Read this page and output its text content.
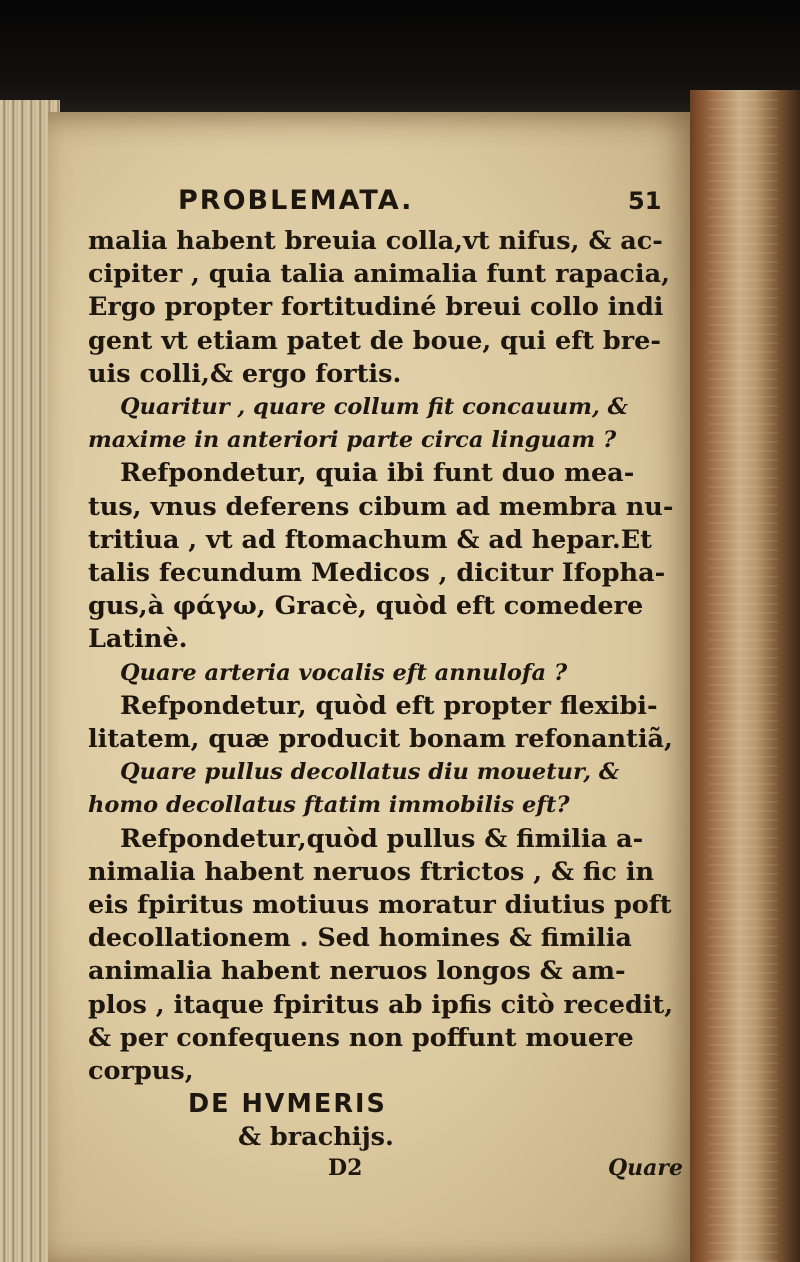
PROBLEMATA.	51
malia habent breuia colla,vt nifus, & ac-
cipiter , quia talia animalia funt rapacia,
Ergo propter fortitudiné breui collo indi
gent vt etiam patet de boue, qui eft bre-
uis colli,& ergo fortis.
Quaritur , quare collum fit concauum, &
maxime in anteriori parte circa linguam ?
Refpondetur, quia ibi funt duo mea-
tus, vnus deferens cibum ad membra nu-
tritiua , vt ad ftomachum & ad hepar.Et
talis fecundum Medicos , dicitur Ifopha-
gus,à φάγω, Gracè, quòd eft comedere
Latinè.
Quare arteria vocalis eft annulofa ?
Refpondetur, quòd eft propter flexibi-
litatem, quæ producit bonam refonantiã,
Quare pullus decollatus diu mouetur, &
homo decollatus ftatim immobilis eft?
Refpondetur,quòd pullus & fimilia a-
nimalia habent neruos ftrictos , & fic in
eis fpiritus motiuus moratur diutius poft
decollationem . Sed homines & fimilia
animalia habent neruos longos & am-
plos , itaque fpiritus ab ipfis citò recedit,
& per confequens non poffunt mouere
corpus,
DE HVMERIS
& brachijs.
D2	Quare
